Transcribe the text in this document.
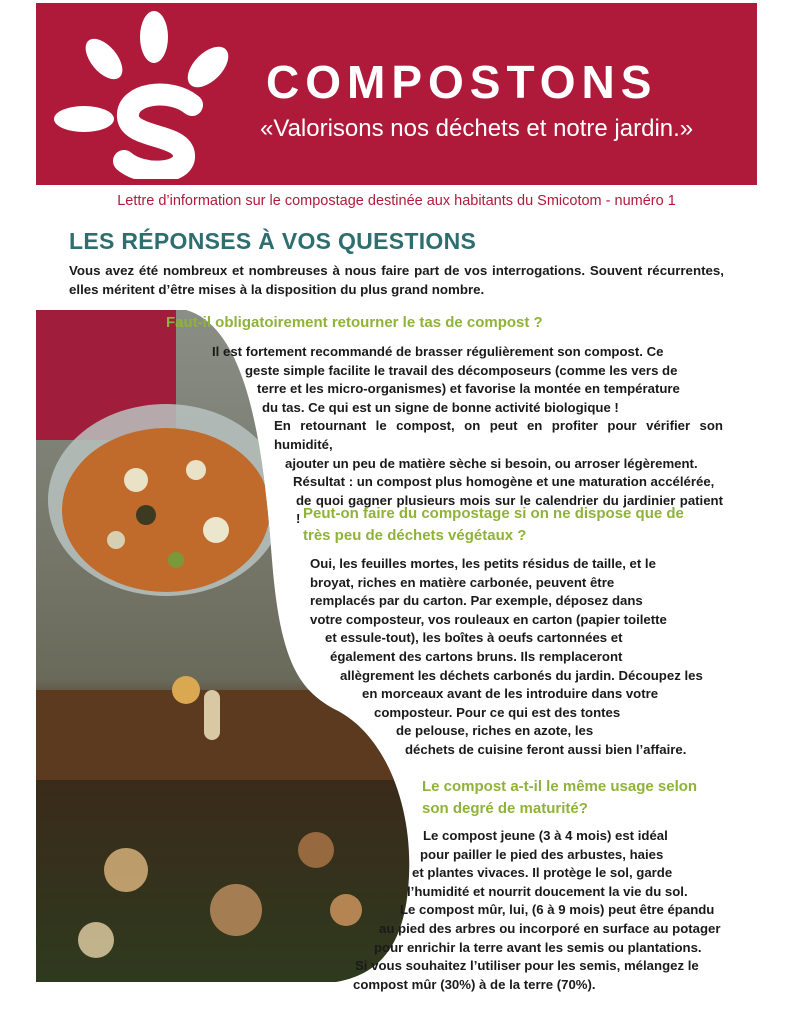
COMPOSTONS
«Valorisons nos déchets et notre jardin.»
Lettre d’information sur le compostage destinée aux habitants du Smicotom - numéro 1
LES RÉPONSES À VOS QUESTIONS
Vous avez été nombreux et nombreuses à nous faire part de vos interrogations. Souvent récurrentes, elles méritent d’être mises à la disposition du plus grand nombre.
Faut-il obligatoirement retourner le tas de compost ?
Il est fortement recommandé de brasser régulièrement son compost. Ce
geste simple facilite le travail des décomposeurs (comme les vers de
terre et les micro-organismes) et favorise la montée en température
du tas. Ce qui est un signe de bonne activité biologique !
En retournant le compost, on peut en profiter pour vérifier son humidité,
ajouter un peu de matière sèche si besoin, ou arroser légèrement.
Résultat : un compost plus homogène et une maturation accélérée,
de quoi gagner plusieurs mois sur le calendrier du jardinier patient ! Peut-on faire du compostage si on ne dispose que de
très peu de déchets végétaux ?
Oui, les feuilles mortes, les petits résidus de taille, et le
broyat, riches en matière carbonée, peuvent être
remplacés par du carton. Par exemple, déposez dans
votre composteur, vos rouleaux en carton (papier toilette
et essule-tout), les boîtes à oeufs cartonnées et
également des cartons bruns. Ils remplaceront
allègrement les déchets carbonés du jardin. Découpez les
en morceaux avant de les introduire dans votre
composteur. Pour ce qui est des tontes
de pelouse, riches en azote, les
déchets de cuisine feront aussi bien l’affaire.
Le compost a-t-il le même usage selon
son degré de maturité?
Le compost jeune (3 à 4 mois) est idéal
pour pailler le pied des arbustes, haies
et plantes vivaces. Il protège le sol, garde
l’humidité et nourrit doucement la vie du sol.
Le compost mûr, lui, (6 à 9 mois) peut être épandu
au pied des arbres ou incorporé en surface au potager
pour enrichir la terre avant les semis ou plantations.
Si vous souhaitez l’utiliser pour les semis, mélangez le
compost mûr (30%) à de la terre (70%).
